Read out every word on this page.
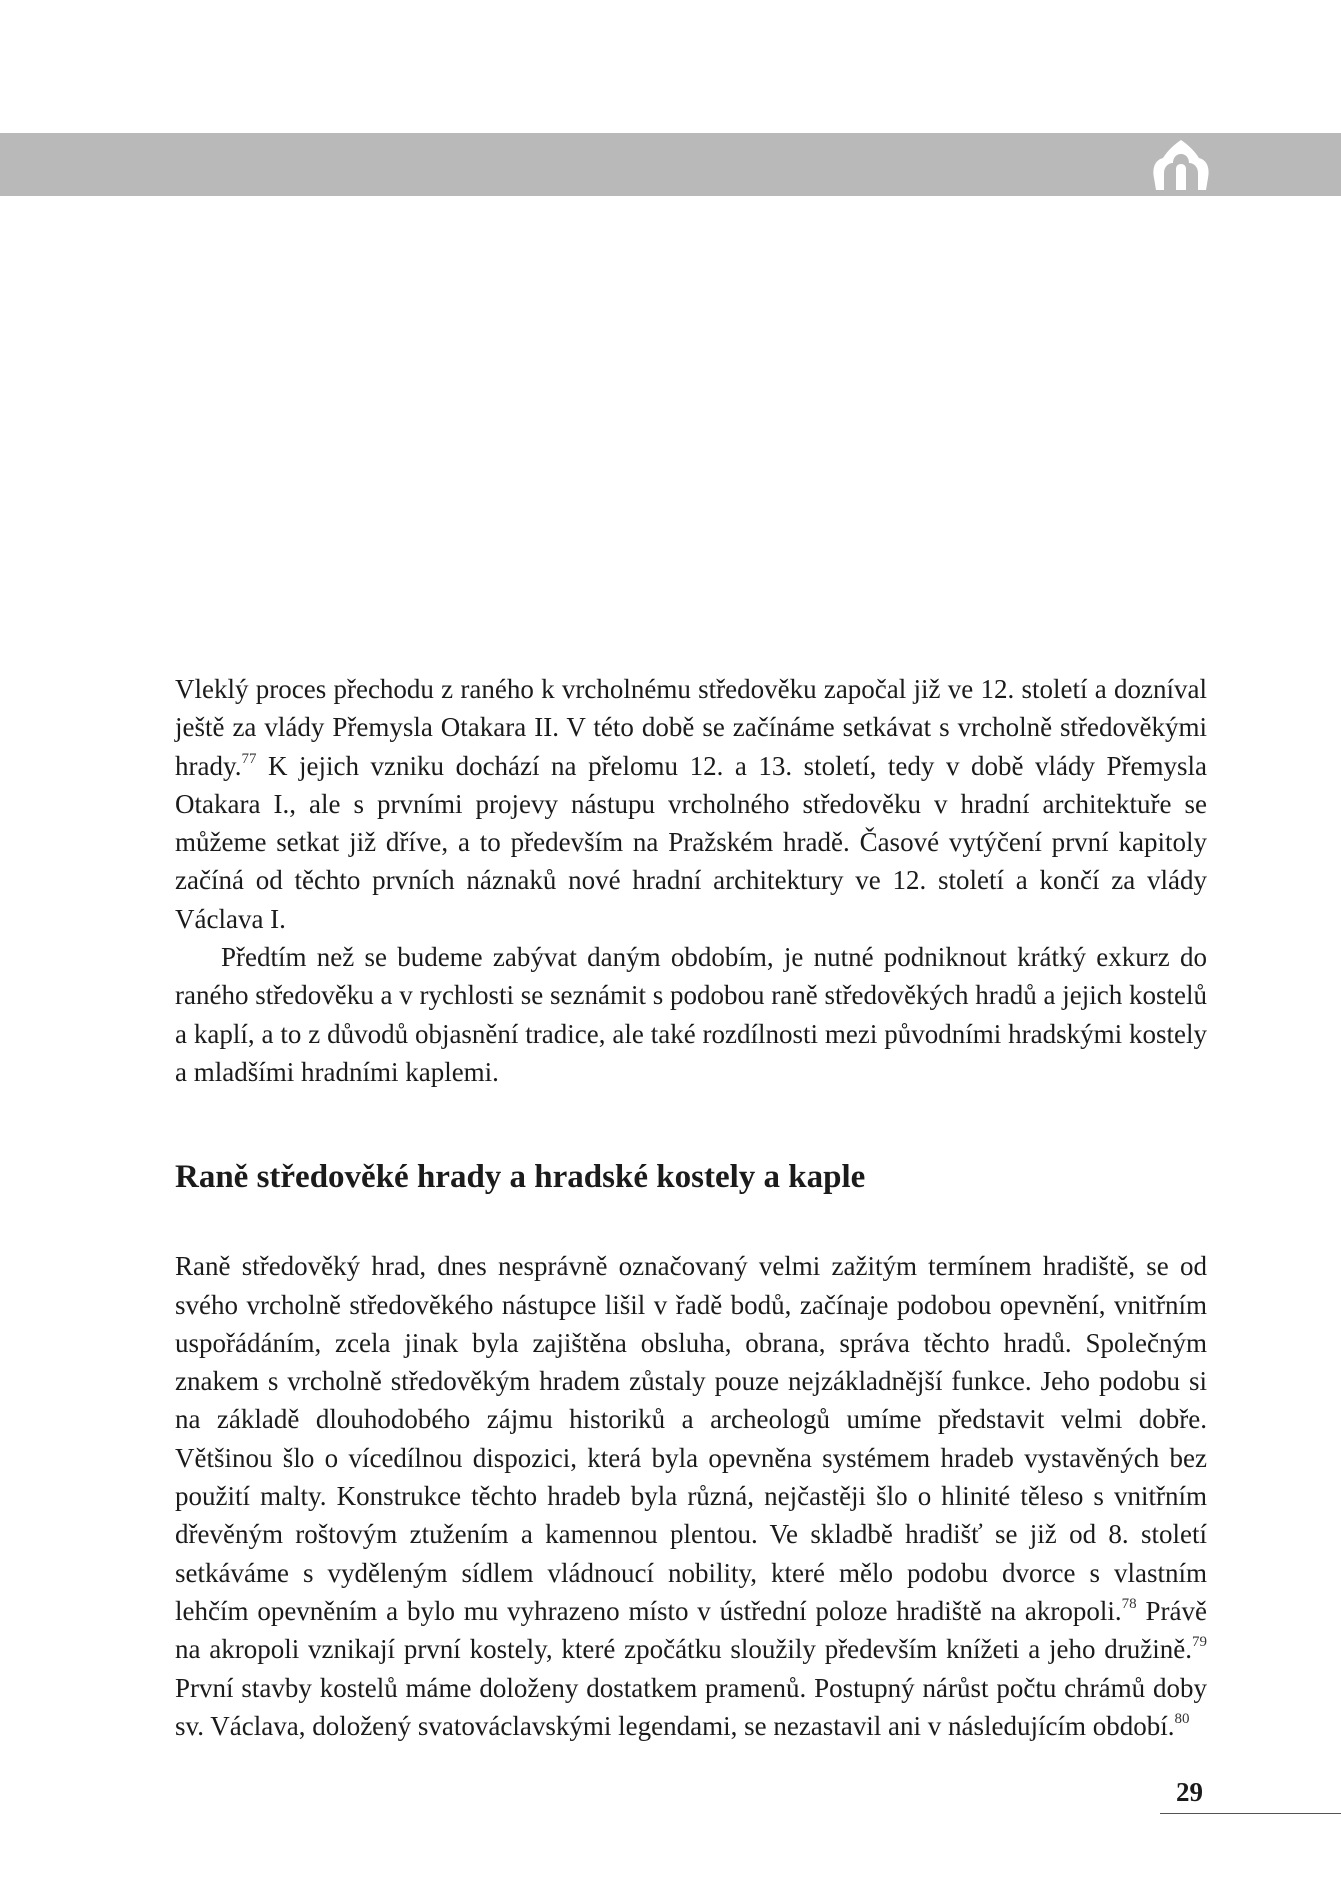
Vleklý proces přechodu z raného k vrcholnému středověku započal již ve 12. století a dozníval ještě za vlády Přemysla Otakara II. V této době se začínáme setkávat s vrcholně středověkými hrady.$^{77}$ K jejich vzniku dochází na přelomu 12. a 13. století, tedy v době vlády Přemysla Otakara I., ale s prvními projevy nástupu vrcholného středověku v hradní architektuře se můžeme setkat již dříve, a to především na Pražském hradě. Časové vytýčení první kapitoly začíná od těchto prvních náznaků nové hradní architektury ve 12. století a končí za vlády Václava I.

Předtím než se budeme zabývat daným obdobím, je nutné podniknout krátký exkurz do raného středověku a v rychlosti se seznámit s podobou raně středověkých hradů a jejich kostelů a kaplí, a to z důvodů objasnění tradice, ale také rozdílnosti mezi původními hradskými kostely a mladšími hradními kaplemi.

Raně středověké hrady a hradské kostely a kaple

Raně středověký hrad, dnes nesprávně označovaný velmi zažitým termínem hradiště, se od svého vrcholně středověkého nástupce lišil v řadě bodů, začínaje podobou opevnění, vnitřním uspořádáním, zcela jinak byla zajištěna obsluha, obrana, správa těchto hradů. Společným znakem s vrcholně středověkým hradem zůstaly pouze nejzákladnější funkce. Jeho podobu si na základě dlouhodobého zájmu historiků a archeologů umíme představit velmi dobře. Většinou šlo o vícedílnou dispozici, která byla opevněna systémem hradeb vystavěných bez použití malty. Konstrukce těchto hradeb byla různá, nejčastěji šlo o hlinité těleso s vnitřním dřevěným roštovým ztužením a kamennou plentou. Ve skladbě hradišť se již od 8. století setkáváme s vyděleným sídlem vládnoucí nobility, které mělo podobu dvorce s vlastním lehčím opevněním a bylo mu vyhrazeno místo v ústřední poloze hradiště na akropoli.$^{78}$ Právě na akropoli vznikají první kostely, které zpočátku sloužily především knížeti a jeho družině.$^{79}$ První stavby kostelů máme doloženy dostatkem pramenů. Postupný nárůst počtu chrámů doby sv. Václava, doložený svatováclavskými legendami, se nezastavil ani v následujícím období.$^{80}$

29
